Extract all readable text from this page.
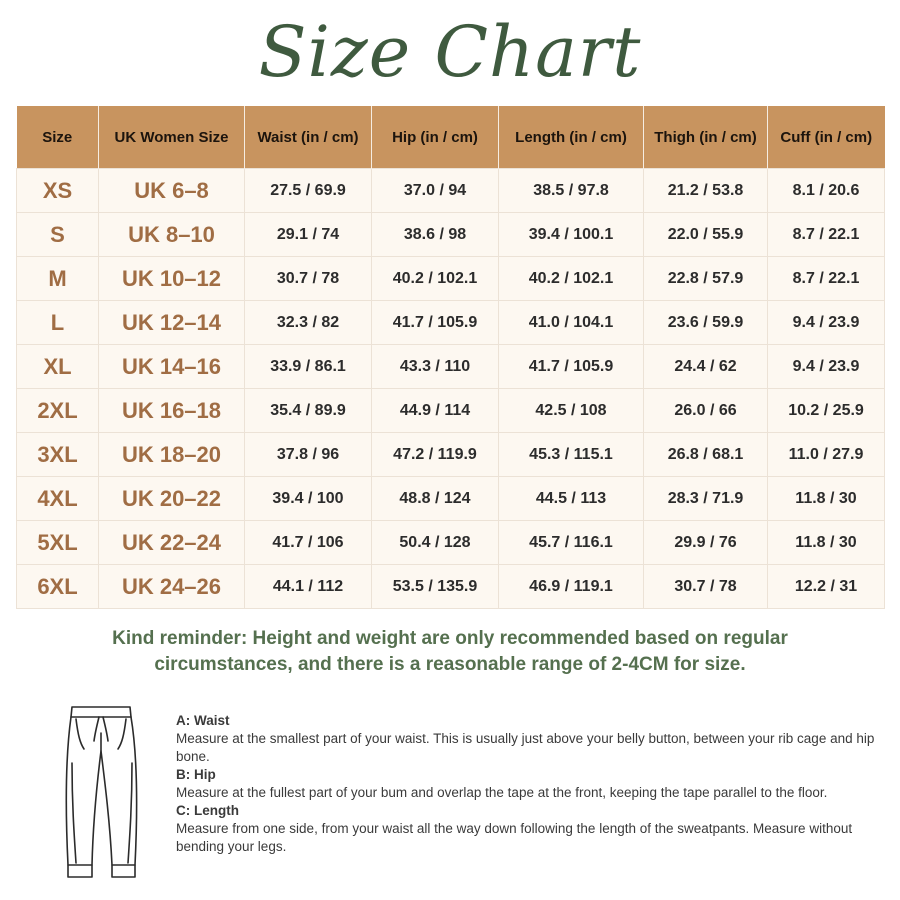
Size Chart
Size	UK Women Size	Waist (in / cm)	Hip (in / cm)	Length (in / cm)	Thigh (in / cm)	Cuff (in / cm)
XS	UK 6–8	27.5 / 69.9	37.0 / 94	38.5 / 97.8	21.2 / 53.8	8.1 / 20.6
S	UK 8–10	29.1 / 74	38.6 / 98	39.4 / 100.1	22.0 / 55.9	8.7 / 22.1
M	UK 10–12	30.7 / 78	40.2 / 102.1	40.2 / 102.1	22.8 / 57.9	8.7 / 22.1
L	UK 12–14	32.3 / 82	41.7 / 105.9	41.0 / 104.1	23.6 / 59.9	9.4 / 23.9
XL	UK 14–16	33.9 / 86.1	43.3 / 110	41.7 / 105.9	24.4 / 62	9.4 / 23.9
2XL	UK 16–18	35.4 / 89.9	44.9 / 114	42.5 / 108	26.0 / 66	10.2 / 25.9
3XL	UK 18–20	37.8 / 96	47.2 / 119.9	45.3 / 115.1	26.8 / 68.1	11.0 / 27.9
4XL	UK 20–22	39.4 / 100	48.8 / 124	44.5 / 113	28.3 / 71.9	11.8 / 30
5XL	UK 22–24	41.7 / 106	50.4 / 128	45.7 / 116.1	29.9 / 76	11.8 / 30
6XL	UK 24–26	44.1 / 112	53.5 / 135.9	46.9 / 119.1	30.7 / 78	12.2 / 31
Kind reminder: Height and weight are only recommended based on regular
circumstances, and there is a reasonable range of 2-4CM for size.
A: Waist
Measure at the smallest part of your waist. This is usually just above your belly button, between your rib cage and hip bone.
B: Hip
Measure at the fullest part of your bum and overlap the tape at the front, keeping the tape parallel to the floor.
C: Length
Measure from one side, from your waist all the way down following the length of the sweatpants. Measure without bending your legs.
